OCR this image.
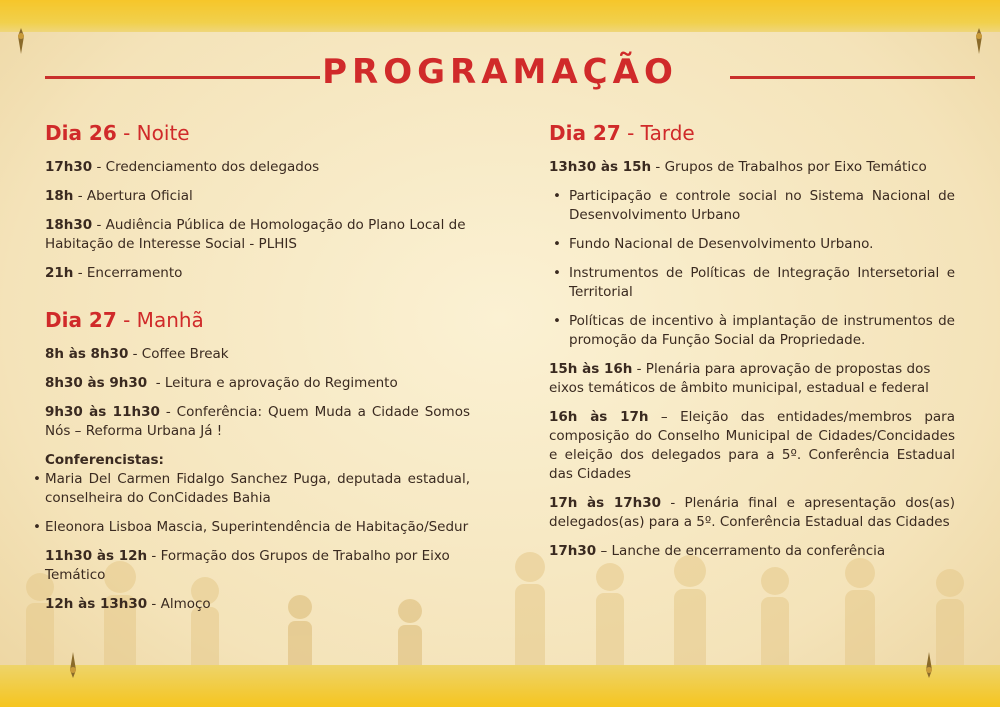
PROGRAMAÇÃO
Dia 26 - Noite
17h30 - Credenciamento dos delegados
18h - Abertura Oficial
18h30 - Audiência Pública de Homologação do Plano Local de Habitação de Interesse Social - PLHIS
21h - Encerramento
Dia 27 - Manhã
8h às 8h30 - Coffee Break
8h30 às 9h30  - Leitura e aprovação do Regimento
9h30 às 11h30 - Conferência: Quem Muda a Cidade Somos Nós – Reforma Urbana Já !
Conferencistas:
• Maria Del Carmen Fidalgo Sanchez Puga, deputada estadual, conselheira do ConCidades Bahia
• Eleonora Lisboa Mascia, Superintendência de Habitação/Sedur
11h30 às 12h - Formação dos Grupos de Trabalho por Eixo Temático
12h às 13h30 - Almoço
Dia 27 - Tarde
13h30 às 15h - Grupos de Trabalhos por Eixo Temático
• Participação e controle social no Sistema Nacional de Desenvolvimento Urbano
• Fundo Nacional de Desenvolvimento Urbano.
• Instrumentos de Políticas de Integração Intersetorial e Territorial
• Políticas de incentivo à implantação de instrumentos de promoção da Função Social da Propriedade.
15h às 16h - Plenária para aprovação de propostas dos eixos temáticos de âmbito municipal, estadual e federal
16h às 17h – Eleição das entidades/membros para composição do Conselho Municipal de Cidades/Concidades e eleição dos delegados para a 5º. Conferência Estadual das Cidades
17h às 17h30 - Plenária final e apresentação dos(as) delegados(as) para a 5º. Conferência Estadual das Cidades
17h30 – Lanche de encerramento da conferência
